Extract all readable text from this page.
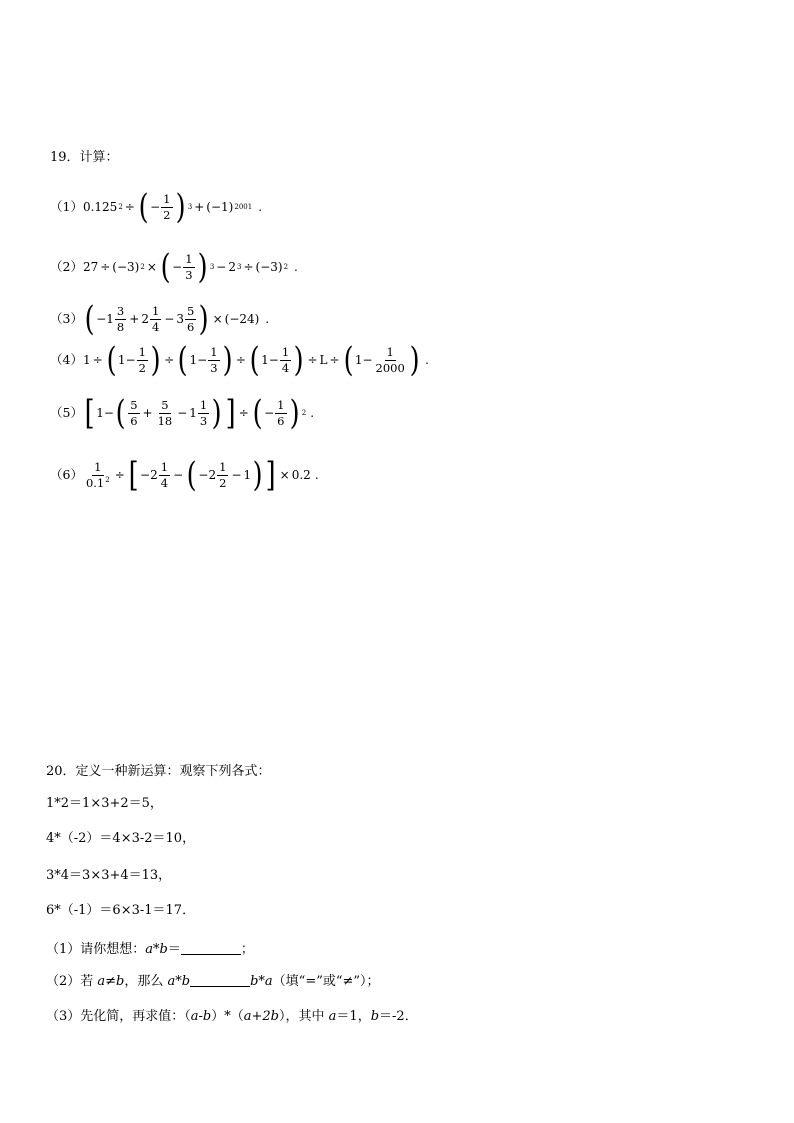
19．计算：
（1） 0.125 2 ÷ ( − $\frac{1}{2}$ ) 3 + (−1) 2001 .
（2） 27 ÷ (−3) 2 × ( − $\frac{1}{3}$ ) 3 − 2 3 ÷ (−3) 2 .
（3） ( − $1 \frac{3}{8} + 2 \frac{1}{4} - 3 \frac{5}{6}$ ) × (−24) .
（4） 1 ÷ ( $1- \frac{1}{2}$ ) ÷ ( $1- \frac{1}{3}$ ) ÷ ( $1- \frac{1}{4}$ ) ÷ L ÷ ( $1- \frac{1}{2000}$ ) .
（5） [ 1− ( $\frac{5}{6} + \frac{5}{18} - 1 \frac{1}{3}$ ) ] ÷ ( − $\frac{1}{6}$ ) 2 .
$(6) \frac{1}{0.1^2}$ ÷ [ − $2 \frac{1}{4}$ − ( − $2 \frac{1}{2} - 1$ ) ] × 0.2 .
20．定义一种新运算：观察下列各式：
1*2＝1×3+2＝5，
4*（-2）＝4×3-2＝10，
3*4＝3×3+4＝13，
6*（-1）＝6×3-1＝17．
（1）请你想想：a*b＝	；
（2）若 a≠b，那么 a*b	b*a（填“=”或“≠”）；
（3）先化简，再求值：（a-b）*（a+2b），其中 a＝1，b＝-2．
